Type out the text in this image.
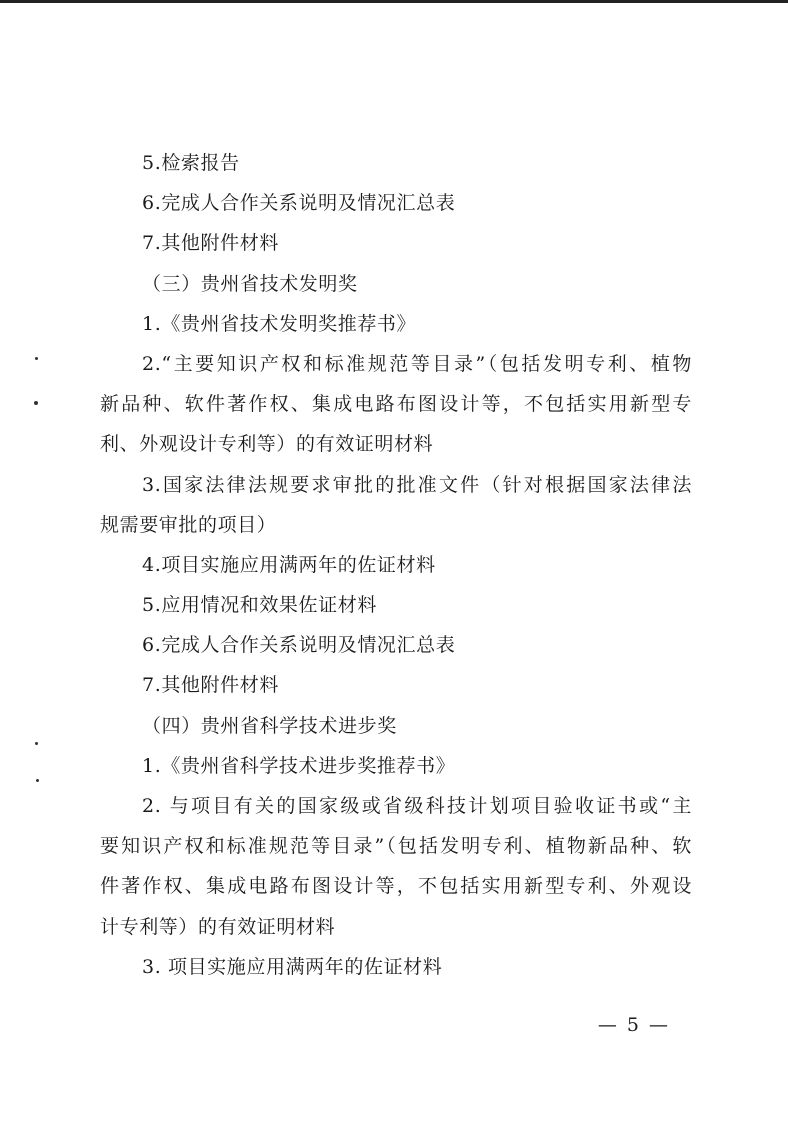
5.检索报告
6.完成人合作关系说明及情况汇总表
7.其他附件材料
（三）贵州省技术发明奖
1.《贵州省技术发明奖推荐书》
2.“主要知识产权和标准规范等目录”（包括发明专利、植物
新品种、软件著作权、集成电路布图设计等，不包括实用新型专
利、外观设计专利等）的有效证明材料
3.国家法律法规要求审批的批准文件（针对根据国家法律法
规需要审批的项目）
4.项目实施应用满两年的佐证材料
5.应用情况和效果佐证材料
6.完成人合作关系说明及情况汇总表
7.其他附件材料
（四）贵州省科学技术进步奖
1.《贵州省科学技术进步奖推荐书》
2. 与项目有关的国家级或省级科技计划项目验收证书或“主
要知识产权和标准规范等目录”（包括发明专利、植物新品种、软
件著作权、集成电路布图设计等，不包括实用新型专利、外观设
计专利等）的有效证明材料
3. 项目实施应用满两年的佐证材料
— 5 —
